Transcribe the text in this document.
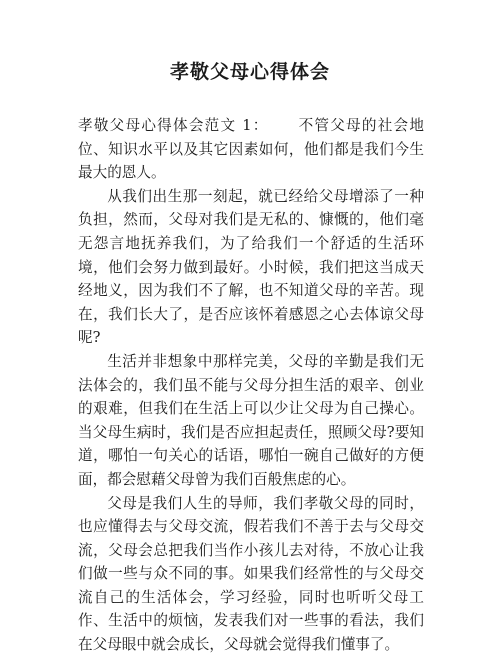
孝敬父母心得体会

孝敬父母心得体会范文 1： 不管父母的社会地位、知识水平以及其它因素如何，他们都是我们今生最大的恩人。

从我们出生那一刻起，就已经给父母增添了一种负担，然而，父母对我们是无私的、慷慨的，他们毫无怨言地抚养我们，为了给我们一个舒适的生活环境，他们会努力做到最好。小时候，我们把这当成天经地义，因为我们不了解，也不知道父母的辛苦。现在，我们长大了，是否应该怀着感恩之心去体谅父母呢?

生活并非想象中那样完美，父母的辛勤是我们无法体会的，我们虽不能与父母分担生活的艰辛、创业的艰难，但我们在生活上可以少让父母为自己操心。当父母生病时，我们是否应担起责任，照顾父母?要知道，哪怕一句关心的话语，哪怕一碗自己做好的方便面，都会慰藉父母曾为我们百般焦虑的心。

父母是我们人生的导师，我们孝敬父母的同时，也应懂得去与父母交流，假若我们不善于去与父母交流，父母会总把我们当作小孩儿去对待，不放心让我们做一些与众不同的事。如果我们经常性的与父母交流自己的生活体会，学习经验，同时也听听父母工作、生活中的烦恼，发表我们对一些事的看法，我们在父母眼中就会成长，父母就会觉得我们懂事了。
